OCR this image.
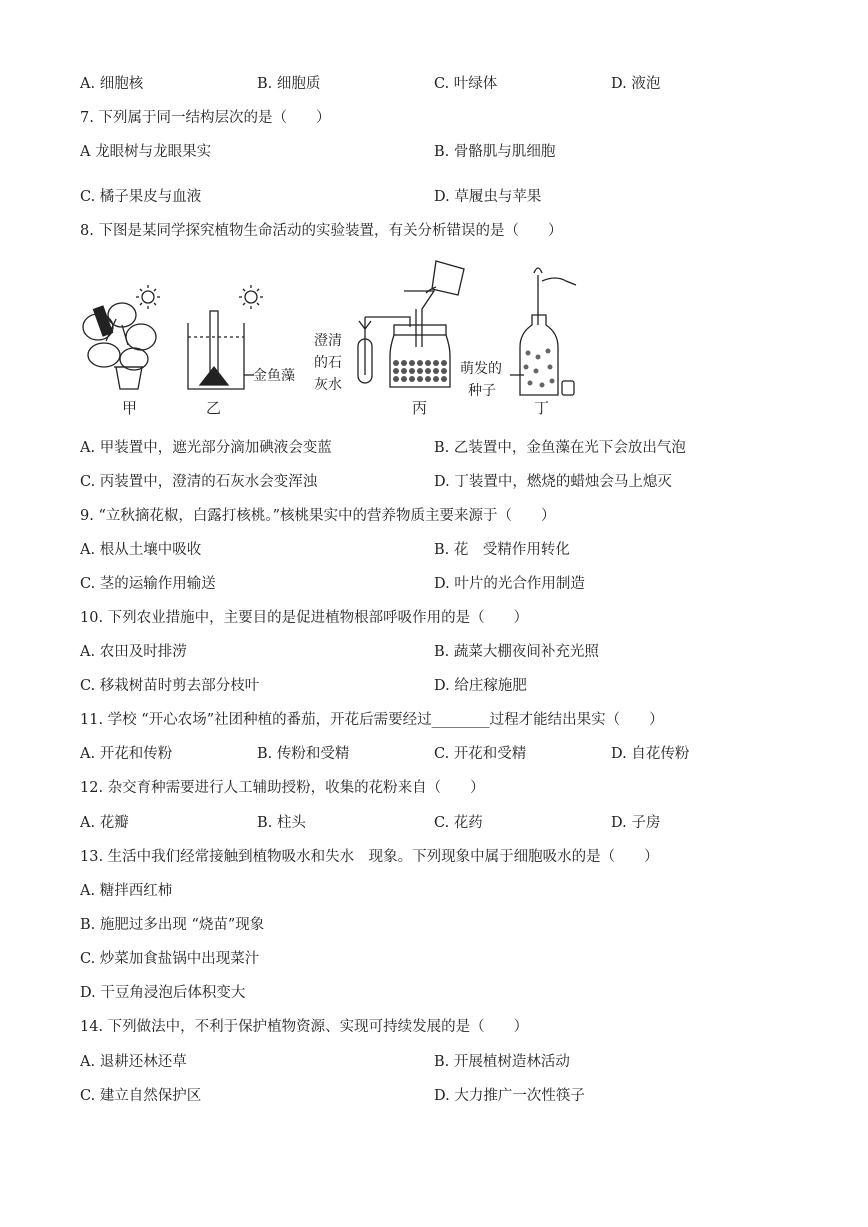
A. 细胞核	B. 细胞质	C. 叶绿体	D. 液泡
7. 下列属于同一结构层次的是（　　）
A 龙眼树与龙眼果实	B. 骨骼肌与肌细胞
C. 橘子果皮与血液	D. 草履虫与苹果
8. 下图是某同学探究植物生命活动的实验装置，有关分析错误的是（　　）
甲
金鱼藻
乙
澄清
的石
灰水
丙
萌发的
种子
丁
A. 甲装置中，遮光部分滴加碘液会变蓝	B. 乙装置中，金鱼藻在光下会放出气泡
C. 丙装置中，澄清的石灰水会变浑浊	D. 丁装置中，燃烧的蜡烛会马上熄灭
9. “立秋摘花椒，白露打核桃。”核桃果实中的营养物质主要来源于（　　）
A. 根从土壤中吸收	B. 花　受精作用转化
C. 茎的运输作用输送	D. 叶片的光合作用制造
10. 下列农业措施中，主要目的是促进植物根部呼吸作用的是（　　）
A. 农田及时排涝	B. 蔬菜大棚夜间补充光照
C. 移栽树苗时剪去部分枝叶	D. 给庄稼施肥
11. 学校 “开心农场”社团种植的番茄，开花后需要经过________过程才能结出果实（　　）
A. 开花和传粉	B. 传粉和受精	C. 开花和受精	D. 自花传粉
12. 杂交育种需要进行人工辅助授粉，收集的花粉来自（　　）
A. 花瓣	B. 柱头	C. 花药	D. 子房
13. 生活中我们经常接触到植物吸水和失水　现象。下列现象中属于细胞吸水的是（　　）
A. 糖拌西红柿
B. 施肥过多出现 “烧苗”现象
C. 炒菜加食盐锅中出现菜汁
D. 干豆角浸泡后体积变大
14. 下列做法中，不利于保护植物资源、实现可持续发展的是（　　）
A. 退耕还林还草	B. 开展植树造林活动
C. 建立自然保护区	D. 大力推广一次性筷子
